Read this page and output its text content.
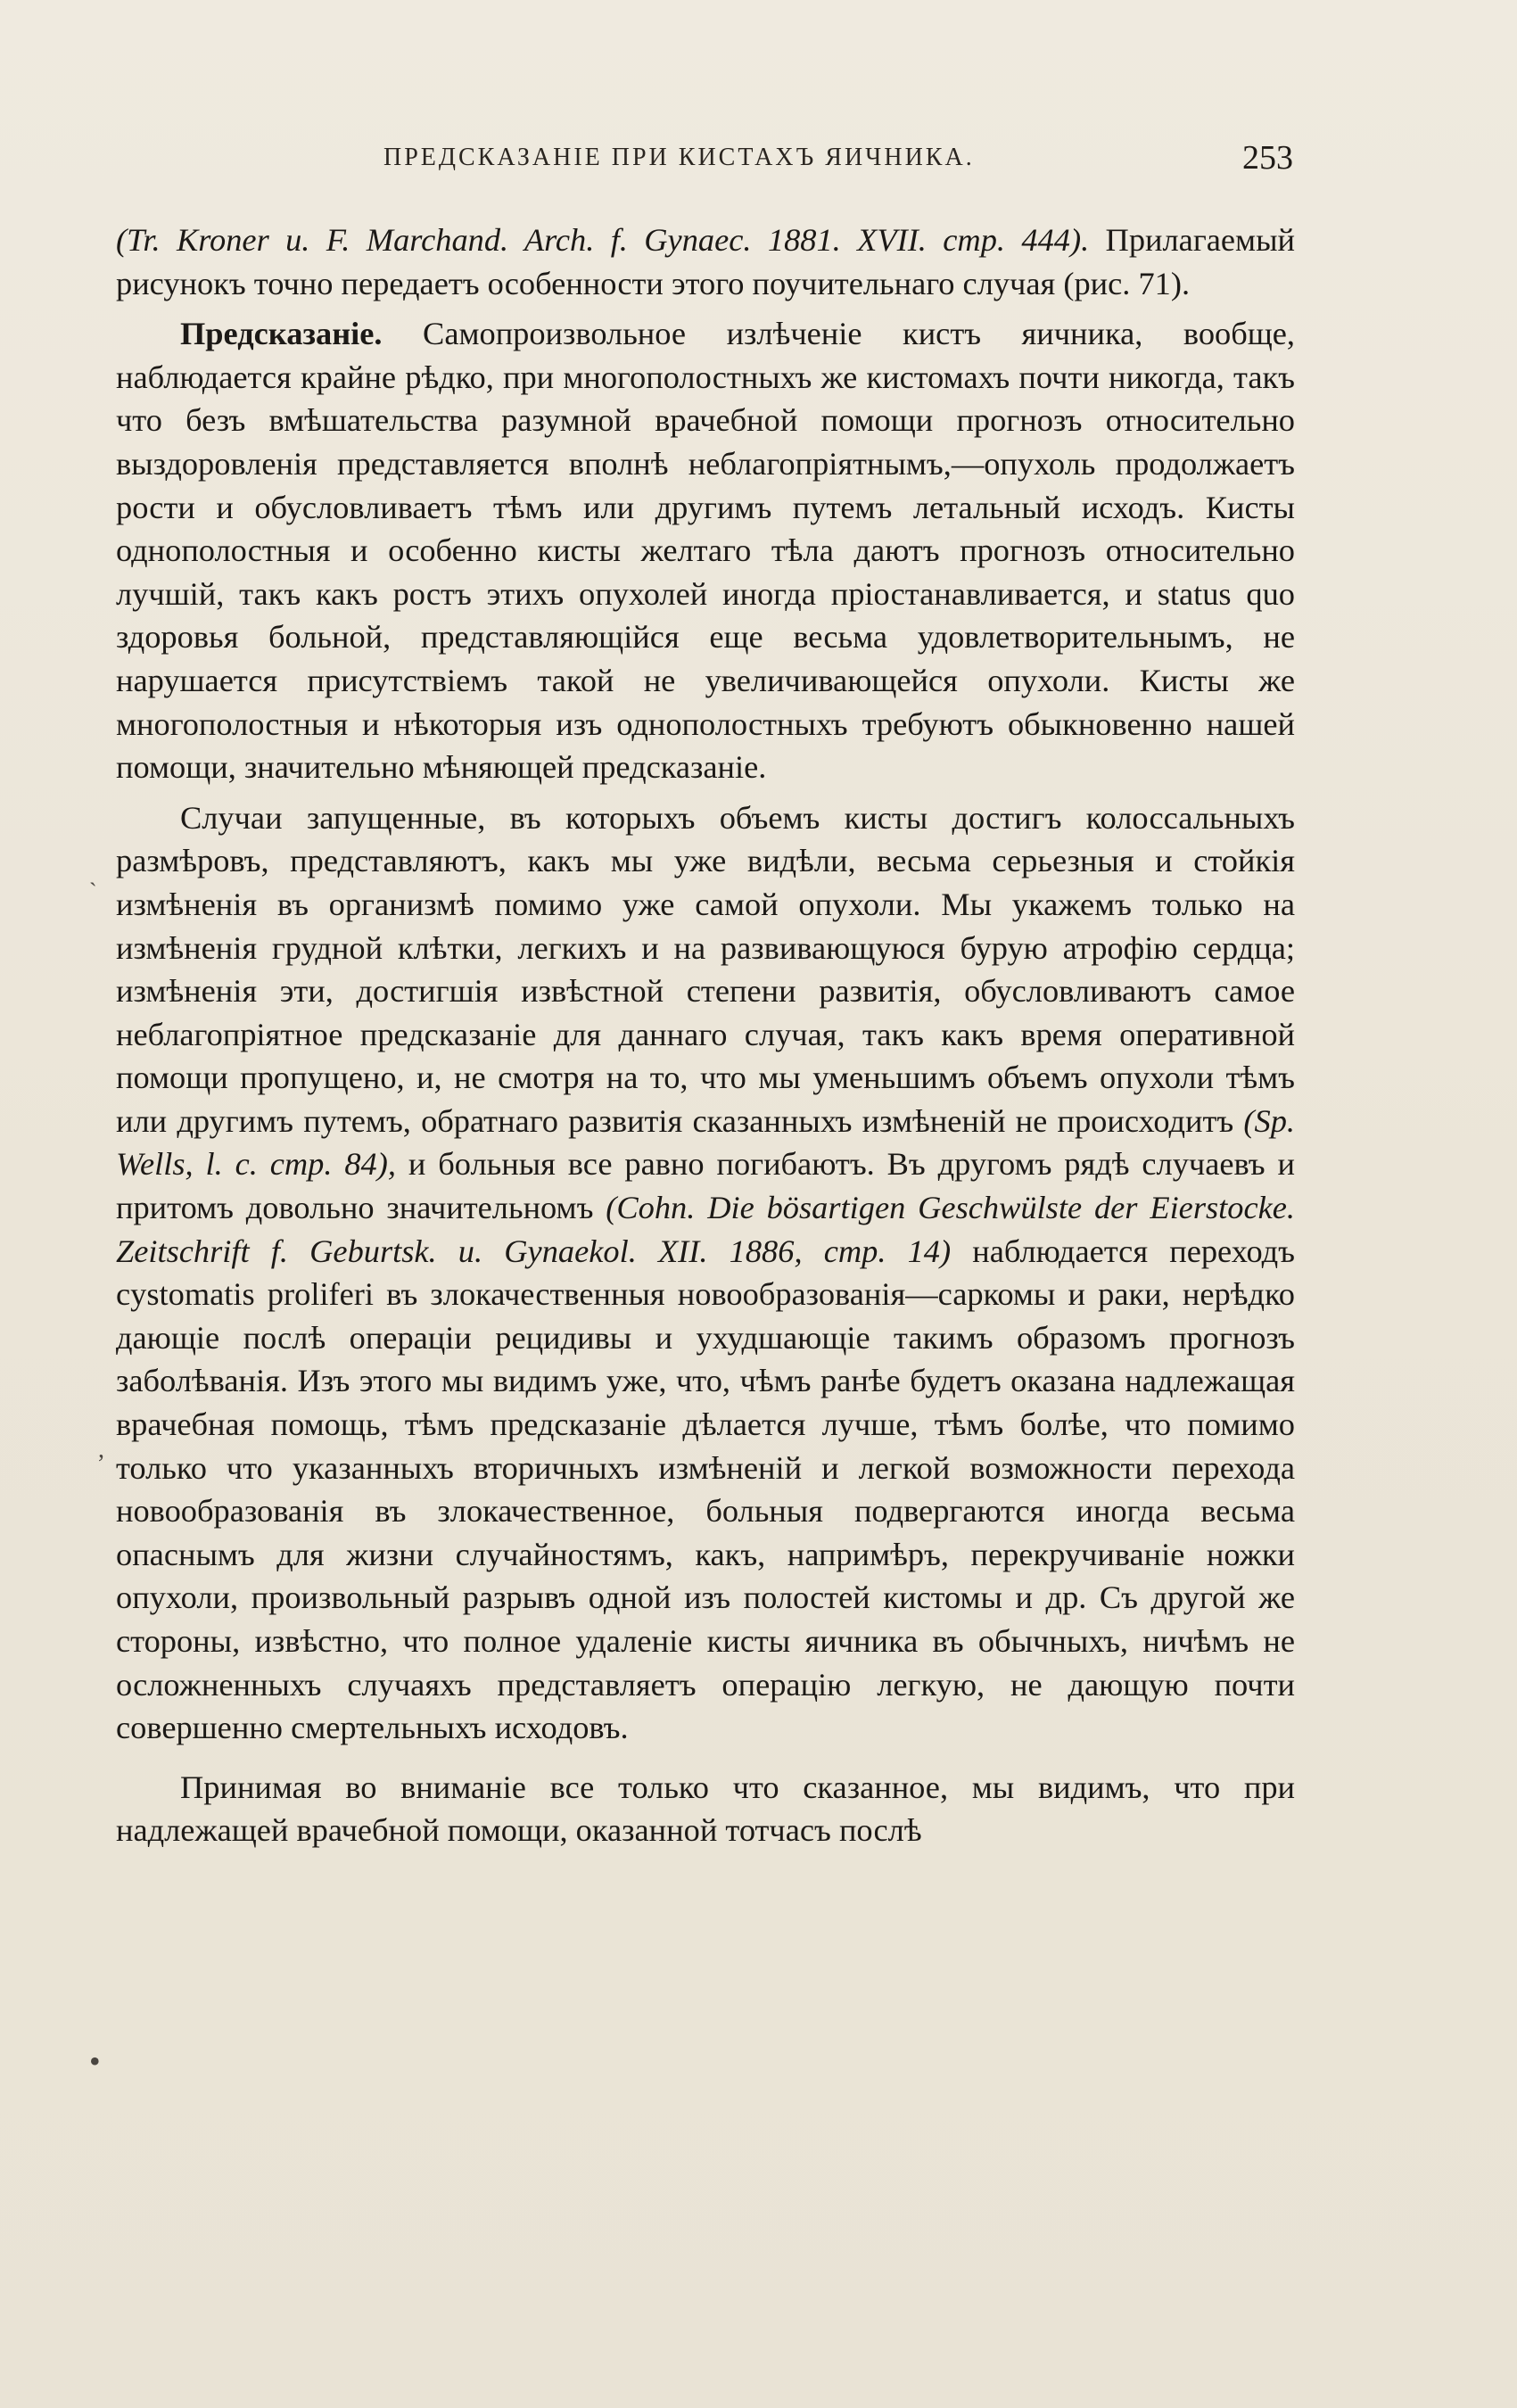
ПРЕДСКАЗАНІЕ ПРИ КИСТАХЪ ЯИЧНИКА.	253

(Tr. Kroner u. F. Marchand. Arch. f. Gynaec. 1881. XVII. стр. 444). Прилагаемый рисунокъ точно передаетъ особенности этого поучительнаго случая (рис. 71).

Предсказаніе. Самопроизвольное излѣченіе кистъ яичника, вообще, наблюдается крайне рѣдко, при многополостныхъ же кистомахъ почти никогда, такъ что безъ вмѣшательства разумной врачебной помощи прогнозъ относительно выздоровленія представляется вполнѣ неблагопріятнымъ,—опухоль продолжаетъ рости и обусловливаетъ тѣмъ или другимъ путемъ летальный исходъ. Кисты однополостныя и особенно кисты желтаго тѣла даютъ прогнозъ относительно лучшій, такъ какъ ростъ этихъ опухолей иногда пріостанавливается, и status quo здоровья больной, представляющійся еще весьма удовлетворительнымъ, не нарушается присутствіемъ такой не увеличивающейся опухоли. Кисты же многополостныя и нѣкоторыя изъ однополостныхъ требуютъ обыкновенно нашей помощи, значительно мѣняющей предсказаніе.

Случаи запущенные, въ которыхъ объемъ кисты достигъ колоссальныхъ размѣровъ, представляютъ, какъ мы уже видѣли, весьма серьезныя и стойкія измѣненія въ организмѣ помимо уже самой опухоли. Мы укажемъ только на измѣненія грудной клѣтки, легкихъ и на развивающуюся бурую атрофію сердца; измѣненія эти, достигшія извѣстной степени развитія, обусловливаютъ самое неблагопріятное предсказаніе для даннаго случая, такъ какъ время оперативной помощи пропущено, и, не смотря на то, что мы уменьшимъ объемъ опухоли тѣмъ или другимъ путемъ, обратнаго развитія сказанныхъ измѣненій не происходитъ (Sp. Wells, l. c. стр. 84), и больныя все равно погибаютъ. Въ другомъ рядѣ случаевъ и притомъ довольно значительномъ (Cohn. Die bösartigen Geschwülste der Eierstocke. Zeitschrift f. Geburtsk. u. Gynaekol. XII. 1886, стр. 14) наблюдается переходъ cystomatis proliferi въ злокачественныя новообразованія—саркомы и раки, нерѣдко дающіе послѣ операціи рецидивы и ухудшающіе такимъ образомъ прогнозъ заболѣванія. Изъ этого мы видимъ уже, что, чѣмъ ранѣе будетъ оказана надлежащая врачебная помощь, тѣмъ предсказаніе дѣлается лучше, тѣмъ болѣе, что помимо только что указанныхъ вторичныхъ измѣненій и легкой возможности перехода новообразованія въ злокачественное, больныя подвергаются иногда весьма опаснымъ для жизни случайностямъ, какъ, напримѣръ, перекручиваніе ножки опухоли, произвольный разрывъ одной изъ полостей кистомы и др. Съ другой же стороны, извѣстно, что полное удаленіе кисты яичника въ обычныхъ, ничѣмъ не осложненныхъ случаяхъ представляетъ операцію легкую, не дающую почти совершенно смертельныхъ исходовъ.

Принимая во вниманіе все только что сказанное, мы видимъ, что при надлежащей врачебной помощи, оказанной тотчасъ послѣ

`
,
•
